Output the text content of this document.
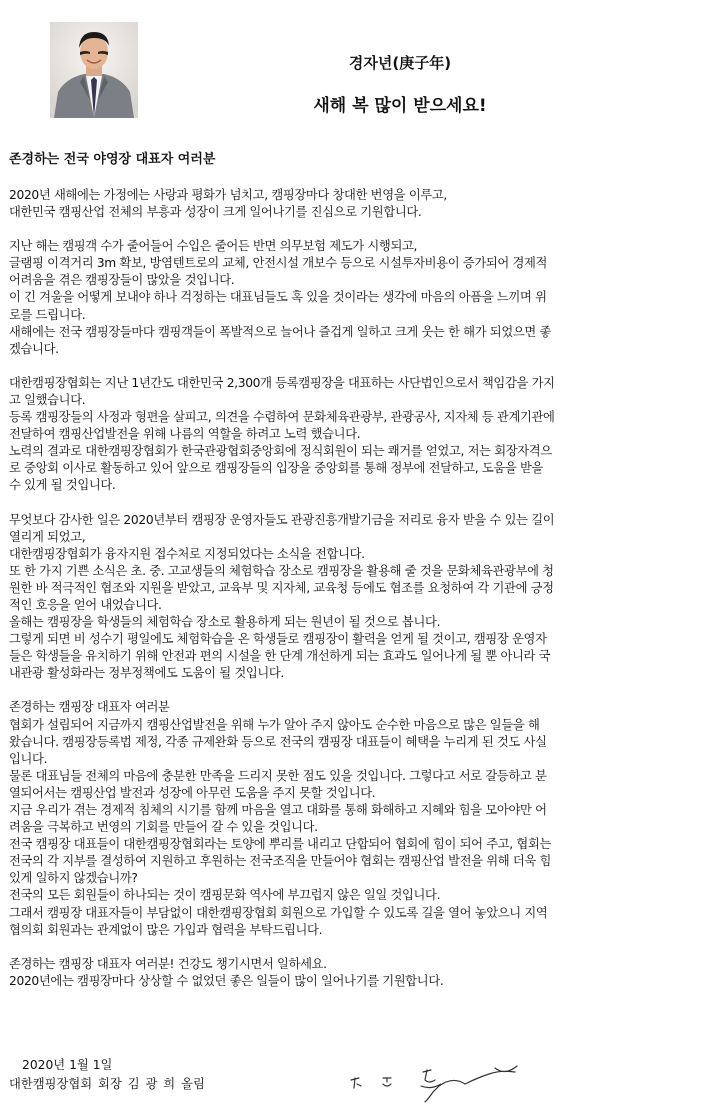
경자년(庚子年)
새해 복 많이 받으세요!
존경하는 전국 야영장 대표자 여러분
2020년 새해에는 가정에는 사랑과 평화가 넘치고, 캠핑장마다 창대한 번영을 이루고,
대한민국 캠핑산업 전체의 부흥과 성장이 크게 일어나기를 진심으로 기원합니다.
지난 해는 캠핑객 수가 줄어들어 수입은 줄어든 반면 의무보험 제도가 시행되고,
글램핑 이격거리 3m 확보, 방염텐트로의 교체, 안전시설 개보수 등으로 시설투자비용이 증가되어 경제적
어려움을 겪은 캠핑장들이 많았을 것입니다.
이 긴 겨울을 어떻게 보내야 하나 걱정하는 대표님들도 혹 있을 것이라는 생각에 마음의 아픔을 느끼며 위
로를 드립니다.
새해에는 전국 캠핑장들마다 캠핑객들이 폭발적으로 늘어나 즐겁게 일하고 크게 웃는 한 해가 되었으면 좋
겠습니다.
대한캠핑장협회는 지난 1년간도 대한민국 2,300개 등록캠핑장을 대표하는 사단법인으로서 책임감을 가지
고 일했습니다.
등록 캠핑장들의 사정과 형편을 살피고, 의견을 수렴하여 문화체육관광부, 관광공사, 지자체 등 관계기관에
전달하여 캠핑산업발전을 위해 나름의 역할을 하려고 노력 했습니다.
노력의 결과로 대한캠핑장협회가 한국관광협회중앙회에 정식회원이 되는 쾌거를 얻었고, 저는 회장자격으
로 중앙회 이사로 활동하고 있어 앞으로 캠핑장들의 입장을 중앙회를 통해 정부에 전달하고, 도움을 받을
수 있게 될 것입니다.
무엇보다 감사한 일은 2020년부터 캠핑장 운영자들도 관광진흥개발기금을 저리로 융자 받을 수 있는 길이
열리게 되었고,
대한캠핑장협회가 융자지원 접수처로 지정되었다는 소식을 전합니다.
또 한 가지 기쁜 소식은 초. 중. 고교생들의 체험학습 장소로 캠핑장을 활용해 줄 것을 문화체육관광부에 청
원한 바 적극적인 협조와 지원을 받았고, 교육부 및 지자체, 교육청 등에도 협조를 요청하여 각 기관에 긍정
적인 호응을 얻어 내었습니다.
올해는 캠핑장을 학생들의 체험학습 장소로 활용하게 되는 원년이 될 것으로 봅니다.
그렇게 되면 비 성수기 평일에도 체험학습을 온 학생들로 캠핑장이 활력을 얻게 될 것이고, 캠핑장 운영자
들은 학생들을 유치하기 위해 안전과 편의 시설을 한 단계 개선하게 되는 효과도 일어나게 될 뿐 아니라 국
내관광 활성화라는 정부정책에도 도움이 될 것입니다.
존경하는 캠핑장 대표자 여러분
협회가 설립되어 지금까지 캠핑산업발전을 위해 누가 알아 주지 않아도 순수한 마음으로 많은 일들을 해
왔습니다. 캠핑장등록법 제정, 각종 규제완화 등으로 전국의 캠핑장 대표들이 혜택을 누리게 된 것도 사실
입니다.
물론 대표님들 전체의 마음에 충분한 만족을 드리지 못한 점도 있을 것입니다. 그렇다고 서로 갈등하고 분
열되어서는 캠핑산업 발전과 성장에 아무런 도움을 주지 못할 것입니다.
지금 우리가 겪는 경제적 침체의 시기를 함께 마음을 열고 대화를 통해 화해하고 지혜와 힘을 모아야만 어
려움을 극복하고 번영의 기회를 만들어 갈 수 있을 것입니다.
전국 캠핑장 대표들이 대한캠핑장협회라는 토양에 뿌리를 내리고 단합되어 협회에 힘이 되어 주고, 협회는
전국의 각 지부를 결성하여 지원하고 후원하는 전국조직을 만들어야 협회는 캠핑산업 발전을 위해 더욱 힘
있게 일하지 않겠습니까?
전국의 모든 회원들이 하나되는 것이 캠핑문화 역사에 부끄럽지 않은 일일 것입니다.
그래서 캠핑장 대표자들이 부담없이 대한캠핑장협회 회원으로 가입할 수 있도록 길을 열어 놓았으니 지역
협의회 회원과는 관계없이 많은 가입과 협력을 부탁드립니다.
존경하는 캠핑장 대표자 여러분! 건강도 챙기시면서 일하세요.
2020년에는 캠핑장마다 상상할 수 없었던 좋은 일들이 많이 일어나기를 기원합니다.
2020년 1월 1일
대한캠핑장협회 회장 김 광 희 올림
